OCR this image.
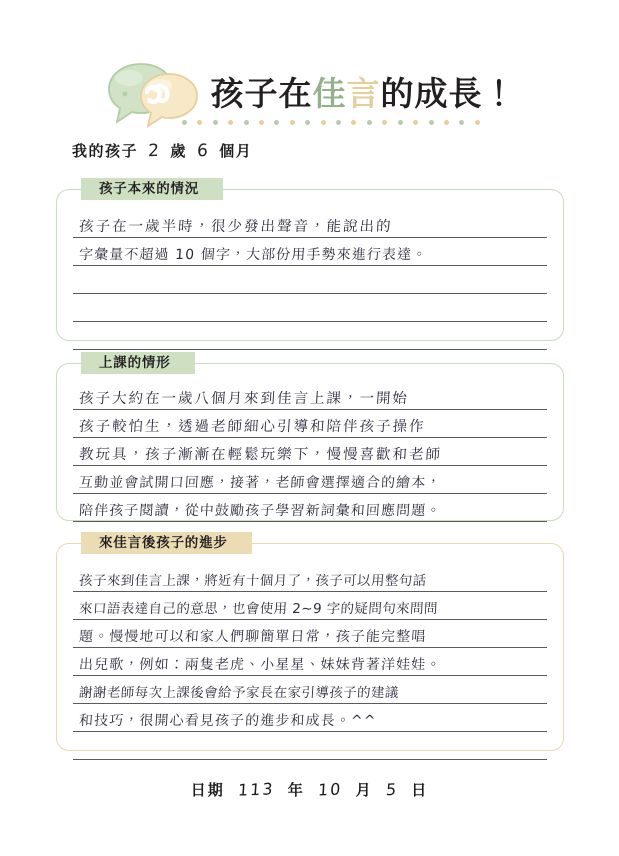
孩子在佳言的成長！
我的孩子 2 歲 6 個月
孩子本來的情況
孩子在一歲半時，很少發出聲音，能說出的
字彙量不超過 10 個字，大部份用手勢來進行表達。
上課的情形
孩子大約在一歲八個月來到佳言上課，一開始
孩子較怕生，透過老師細心引導和陪伴孩子操作
教玩具，孩子漸漸在輕鬆玩樂下，慢慢喜歡和老師
互動並會試開口回應，接著，老師會選擇適合的繪本，
陪伴孩子閱讀，從中鼓勵孩子學習新詞彙和回應問題。
來佳言後孩子的進步
孩子來到佳言上課，將近有十個月了，孩子可以用整句話
來口語表達自己的意思，也會使用 2~9 字的疑問句來問問
題。慢慢地可以和家人們聊簡單日常，孩子能完整唱
出兒歌，例如：兩隻老虎、小星星、妹妹背著洋娃娃。
謝謝老師每次上課後會給予家長在家引導孩子的建議
和技巧，很開心看見孩子的進步和成長。^^
日期 113 年 10 月 5 日
